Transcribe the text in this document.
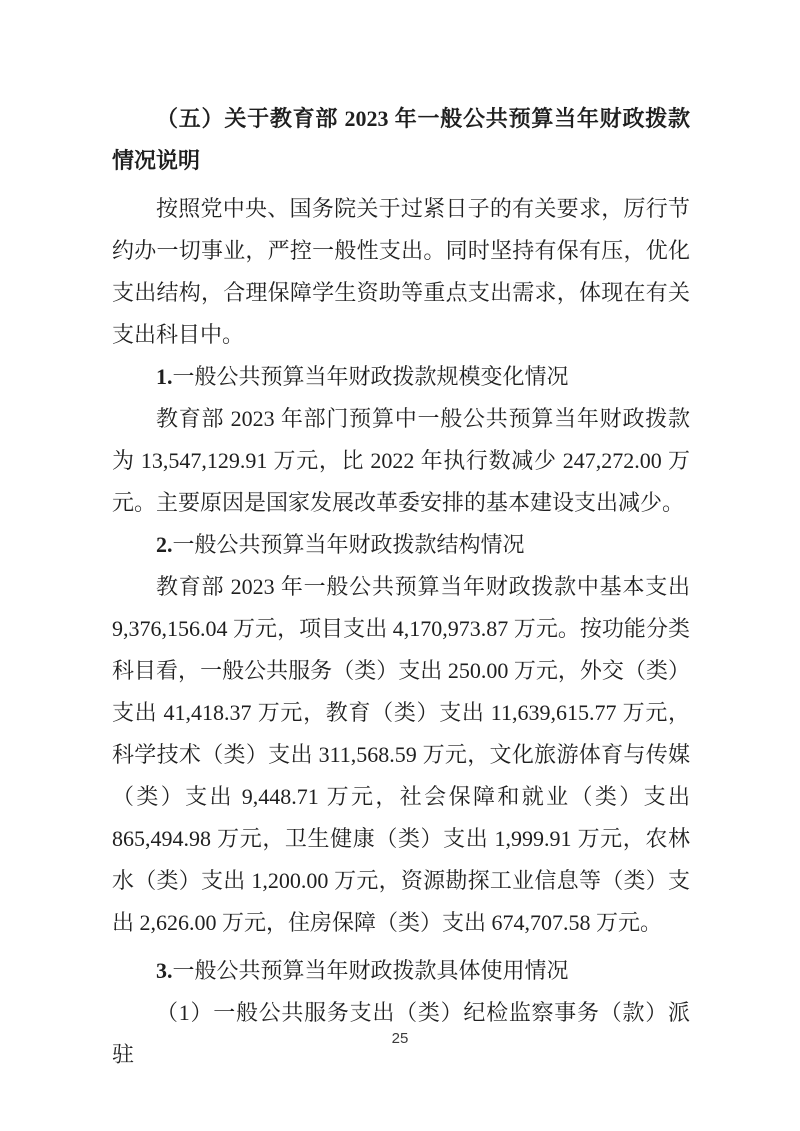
（五）关于教育部 2023 年一般公共预算当年财政拨款情况说明

按照党中央、国务院关于过紧日子的有关要求，厉行节约办一切事业，严控一般性支出。同时坚持有保有压，优化支出结构，合理保障学生资助等重点支出需求，体现在有关支出科目中。

1.一般公共预算当年财政拨款规模变化情况

教育部 2023 年部门预算中一般公共预算当年财政拨款为 13,547,129.91 万元，比 2022 年执行数减少 247,272.00 万元。主要原因是国家发展改革委安排的基本建设支出减少。

2.一般公共预算当年财政拨款结构情况

教育部 2023 年一般公共预算当年财政拨款中基本支出 9,376,156.04 万元，项目支出 4,170,973.87 万元。按功能分类科目看，一般公共服务（类）支出 250.00 万元，外交（类）支出 41,418.37 万元，教育（类）支出 11,639,615.77 万元，科学技术（类）支出 311,568.59 万元，文化旅游体育与传媒（类）支出 9,448.71 万元，社会保障和就业（类）支出 865,494.98 万元，卫生健康（类）支出 1,999.91 万元，农林水（类）支出 1,200.00 万元，资源勘探工业信息等（类）支出 2,626.00 万元，住房保障（类）支出 674,707.58 万元。

3.一般公共预算当年财政拨款具体使用情况

（1）一般公共服务支出（类）纪检监察事务（款）派驻

25
